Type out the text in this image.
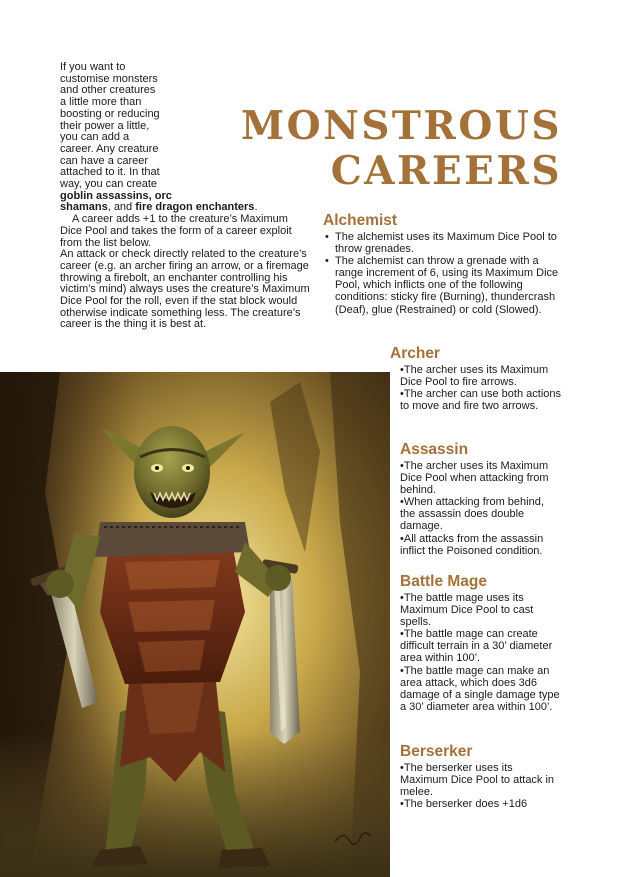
MONSTROUS
CAREERS

If you want to

customise monsters

and other creatures

a little more than

boosting or reducing

their power a little,

you can add a

career. Any creature

can have a career

attached to it. In that

way, you can create

goblin assassins, orc

shamans, and fire dragon enchanters.

A career adds +1 to the creature’s Maximum Dice Pool and takes the form of a career exploit from the list below.

An attack or check directly related to the creature’s career (e.g. an archer firing an arrow, or a firemage throwing a firebolt, an enchanter controlling his victim’s mind) always uses the creature’s Maximum Dice Pool for the roll, even if the stat block would otherwise indicate something less. The creature’s career is the thing it is best at.

Alchemist
• The alchemist uses its Maximum Dice Pool to throw grenades.
• The alchemist can throw a grenade with a range increment of 6, using its Maximum Dice Pool, which inflicts one of the following conditions: sticky fire (Burning), thundercrash (Deaf), glue (Restrained) or cold (Slowed).
Archer
•The archer uses its Maximum Dice Pool to fire arrows.
•The archer can use both actions to move and fire two arrows.
Assassin
•The archer uses its Maximum Dice Pool when attacking from behind.
•When attacking from behind, the assassin does double damage.
•All attacks from the assassin inflict the Poisoned condition.
Battle Mage
•The battle mage uses its Maximum Dice Pool to cast spells.
•The battle mage can create difficult terrain in a 30’ diameter area within 100’.
•The battle mage can make an area attack, which does 3d6 damage of a single damage type a 30’ diameter area within 100’.
Berserker
•The berserker uses its Maximum Dice Pool to attack in melee.
•The berserker does +1d6
